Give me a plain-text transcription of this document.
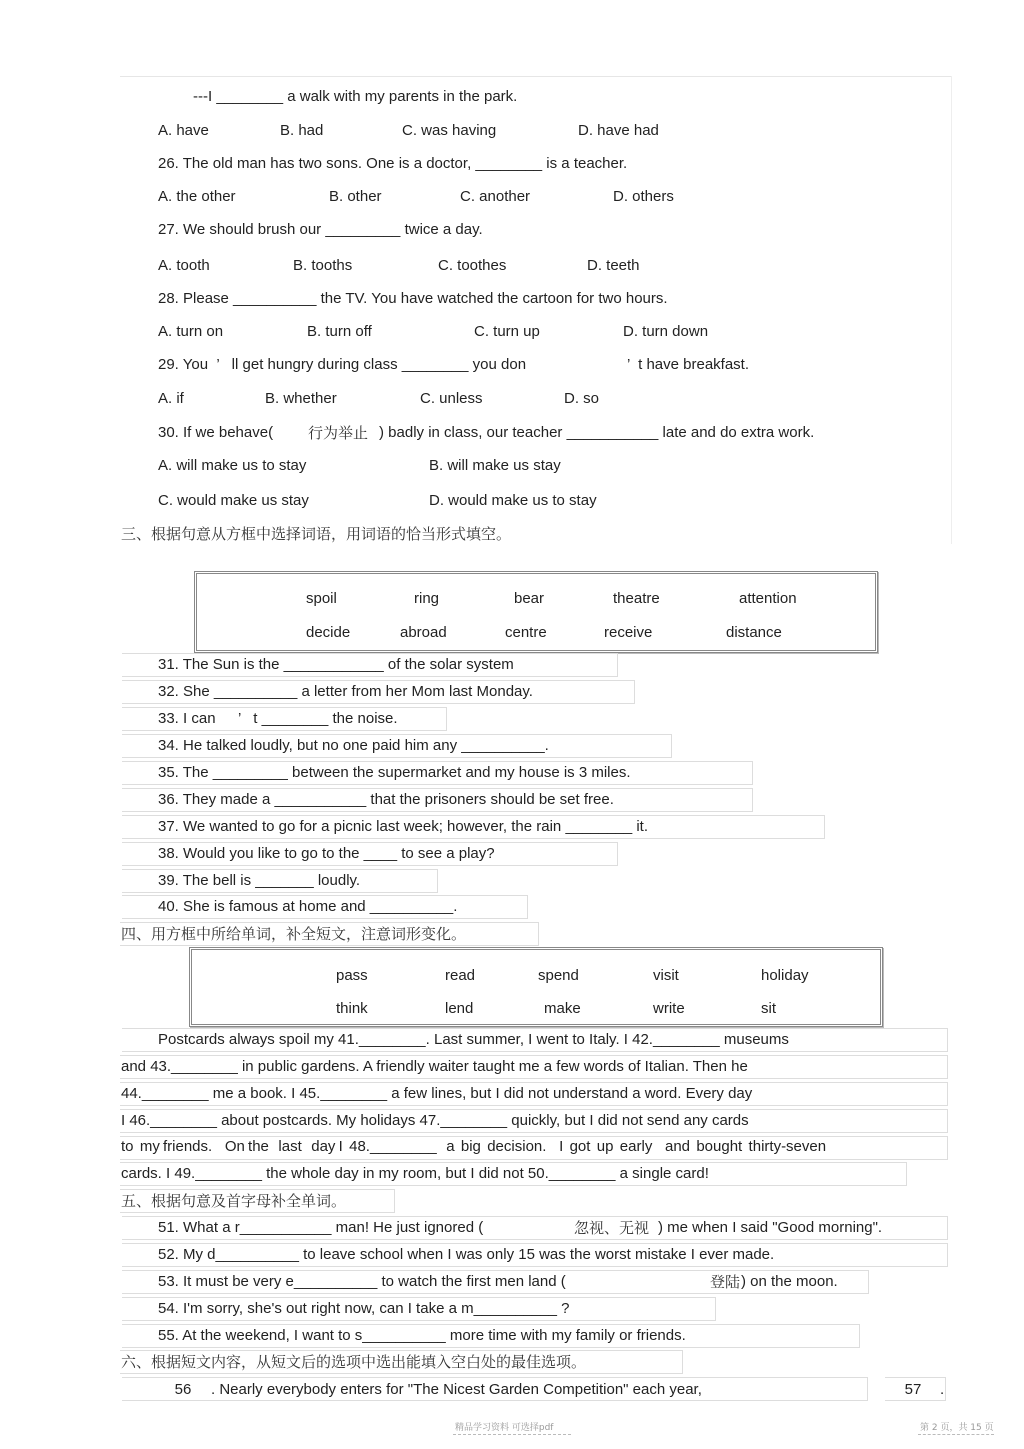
---I ________ a walk with my parents in the park.
A. have	B. had	C. was having	D. have had
26. The old man has two sons. One is a doctor, ________ is a teacher.
A. the other	B. other	C. another	D. others
27. We should brush our _________ twice a day.
A. tooth	B. tooths	C. toothes	D. teeth
28. Please __________ the TV. You have watched the cartoon for two hours.
A. turn on	B. turn off	C. turn up	D. turn down
29. You  ’   ll get hungry during class ________ you don	’  t have breakfast.
A. if	B. whether	C. unless	D. so
30. If we behave( 行为举止 ) badly in class, our teacher ___________ late and do extra work.
A. will make us to stay	B. will make us stay
C. would make us stay	D. would make us to stay
三、根据句意从方框中选择词语，用词语的恰当形式填空。
spoil	ring	bear	theatre	attention
decide	abroad	centre	receive	distance
31. The Sun is the ____________ of the solar system
32. She __________ a letter from her Mom last Monday.
33. I can ’   t ________ the noise.
34. He talked loudly, but no one paid him any __________.
35. The _________ between the supermarket and my house is 3 miles.
36. They made a ___________ that the prisoners should be set free.
37. We wanted to go for a picnic last week; however, the rain ________ it.
38. Would you like to go to the ____ to see a play?
39. The bell is _______ loudly.
40. She is famous at home and __________.
四、用方框中所给单词，补全短文，注意词形变化。
pass	read	spend	visit	holiday
think	lend	make	write	sit
Postcards always spoil my 41.________. Last summer, I went to Italy. I 42.________ museums
and 43.________ in public gardens. A friendly waiter taught me a few words of Italian. Then he
44.________ me a book. I 45.________ a few lines, but I did not understand a word. Every day
I 46.________ about postcards. My holidays 47.________ quickly, but I did not send any cards
to  my friends.    On the   last   day I  48.________   a  big  decision.    I  got  up  early    and  bought  thirty-seven
cards. I 49.________ the whole day in my room, but I did not 50.________ a single card!
五、根据句意及首字母补全单词。
51. What a r___________ man! He just ignored (	忽视、无视 ) me when I said "Good morning".
52. My d__________ to leave school when I was only 15 was the worst mistake I ever made.
53. It must be very e__________ to watch the first men land (	登陆 ) on the moon.
54. I'm sorry, she's out right now, can I take a m__________ ?
55. At the weekend, I want to s__________ more time with my family or friends.
六、根据短文内容，从短文后的选项中选出能填入空白处的最佳选项。
56	. Nearly everybody enters for "The Nicest Garden Competition" each year,	57	.
精品学习资料 可选择pdf	第 2 页，共 15 页
